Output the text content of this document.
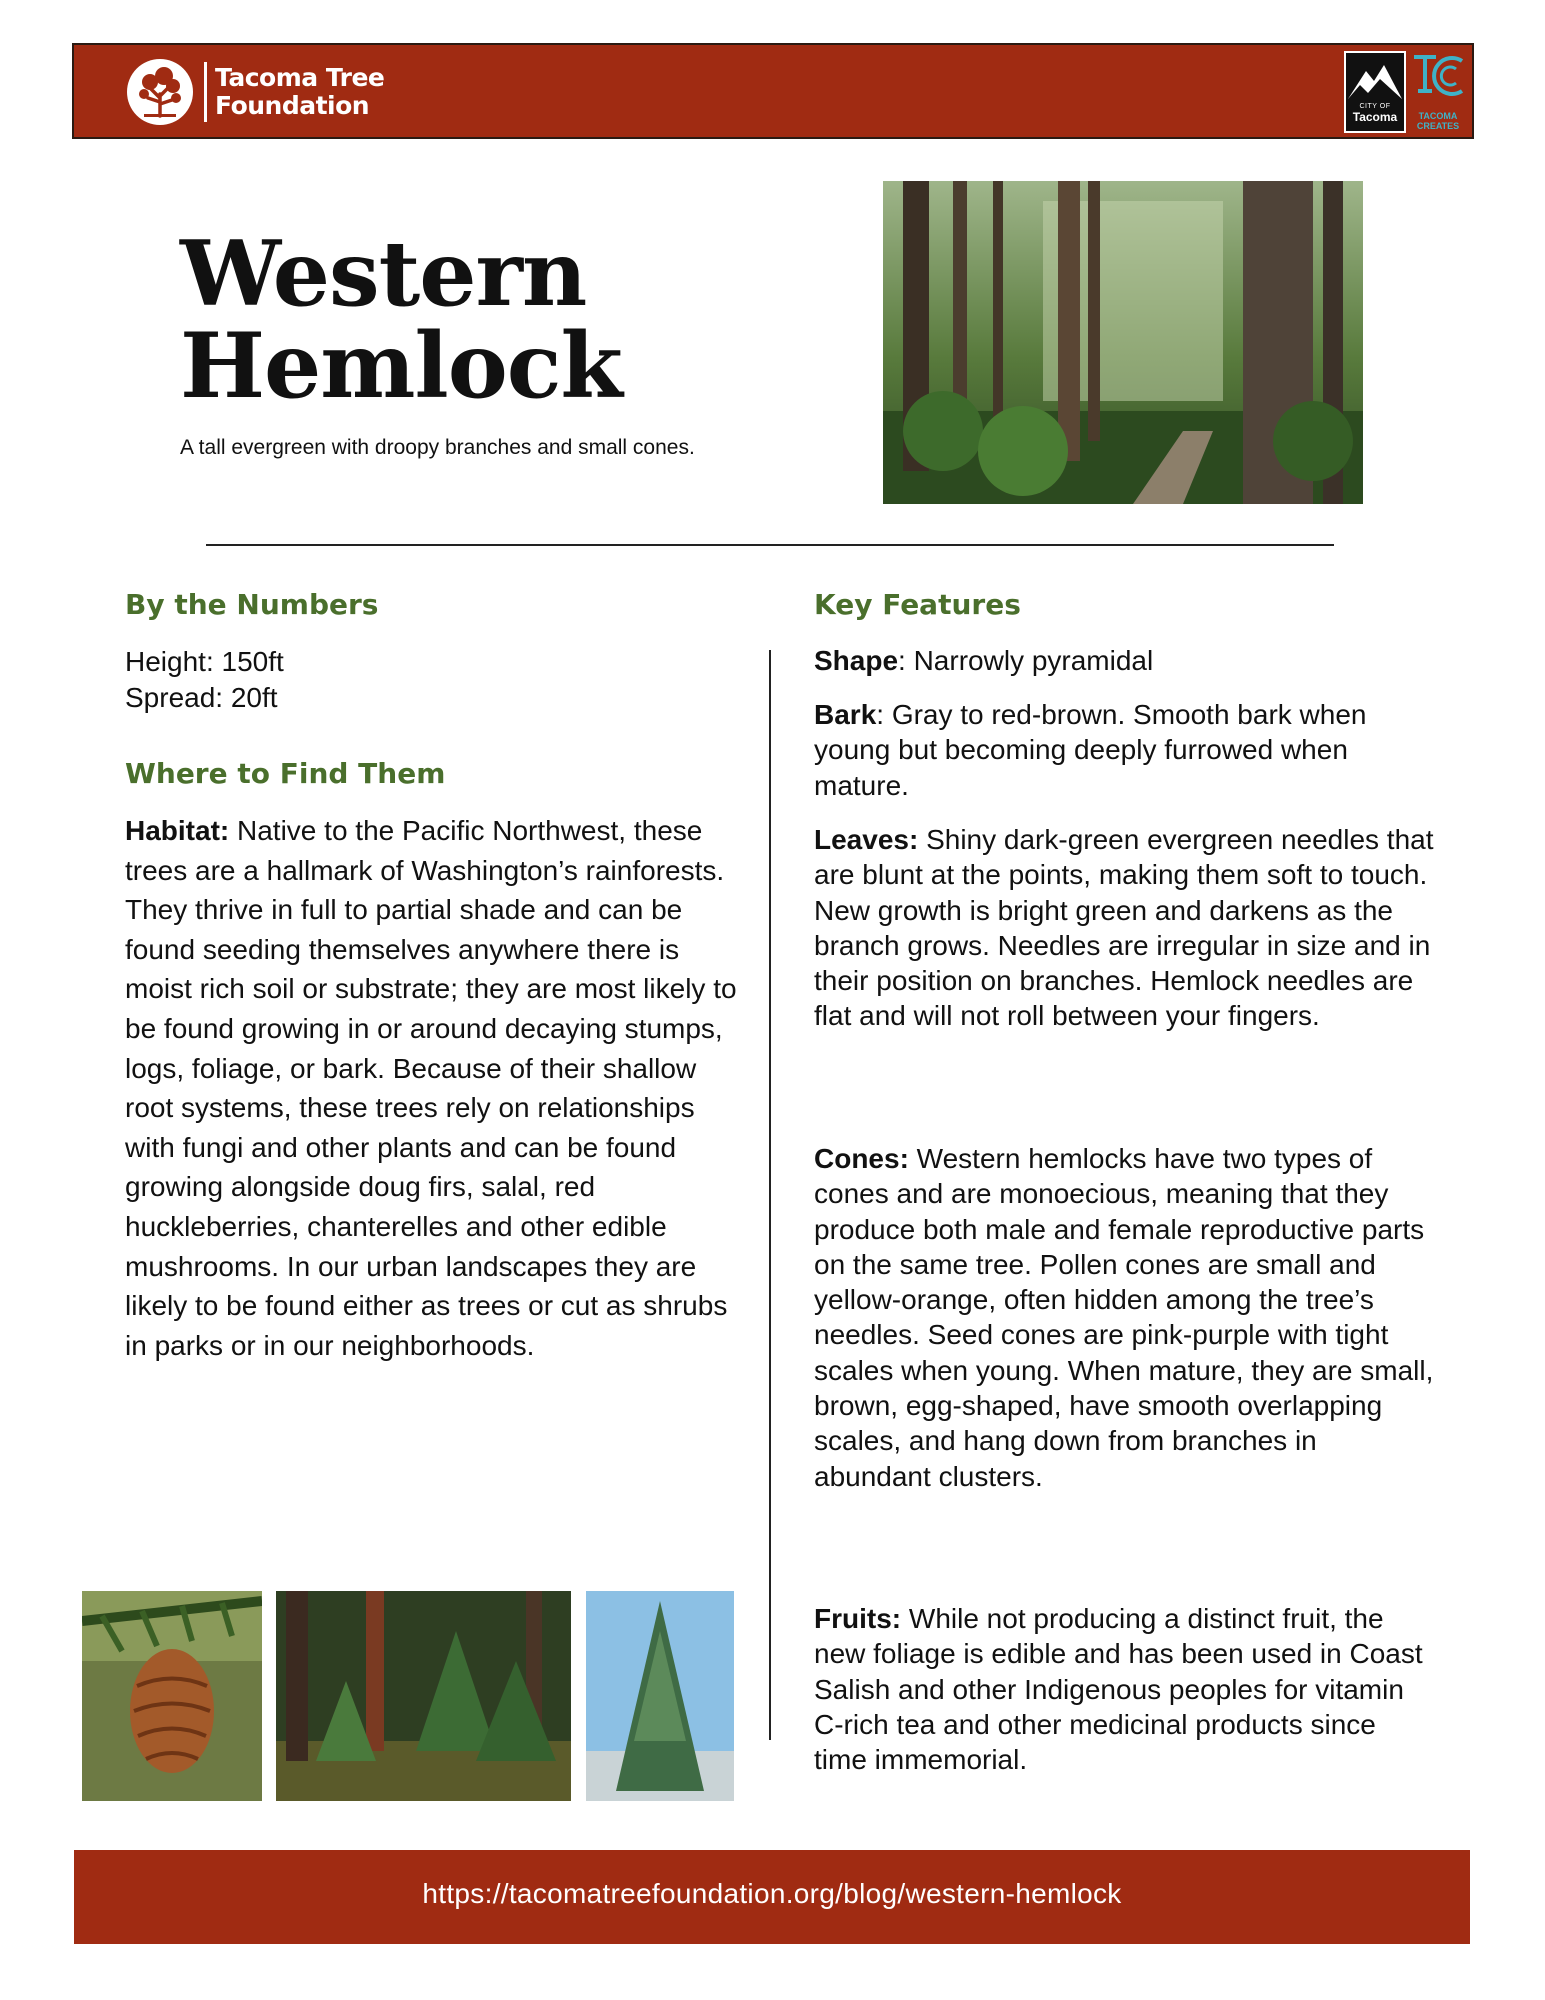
Tacoma Tree
Foundation	CITY OF
Tacoma	TACOMA
CREATES
Western
Hemlock
A tall evergreen with droopy branches and small cones.
By the Numbers
Height: 150ft
Spread: 20ft
Where to Find Them
Habitat: Native to the Pacific Northwest, these trees are a hallmark of Washington’s rainforests. They thrive in full to partial shade and can be found seeding themselves anywhere there is moist rich soil or substrate; they are most likely to be found growing in or around decaying stumps, logs, foliage, or bark. Because of their shallow root systems, these trees rely on relationships with fungi and other plants and can be found growing alongside doug firs, salal, red huckleberries, chanterelles and other edible mushrooms. In our urban landscapes they are likely to be found either as trees or cut as shrubs in parks or in our neighborhoods.
Key Features
Shape: Narrowly pyramidal
Bark: Gray to red-brown. Smooth bark when young but becoming deeply furrowed when mature.
Leaves: Shiny dark-green evergreen needles that are blunt at the points, making them soft to touch. New growth is bright green and darkens as the branch grows. Needles are irregular in size and in their position on branches. Hemlock needles are flat and will not roll between your fingers.
Cones: Western hemlocks have two types of cones and are monoecious, meaning that they produce both male and female reproductive parts on the same tree. Pollen cones are small and yellow-orange, often hidden among the tree’s needles. Seed cones are pink-purple with tight scales when young. When mature, they are small, brown, egg-shaped, have smooth overlapping scales, and hang down from branches in abundant clusters.
Fruits: While not producing a distinct fruit, the new foliage is edible and has been used in Coast Salish and other Indigenous peoples for vitamin C-rich tea and other medicinal products since time immemorial.
https://tacomatreefoundation.org/blog/western-hemlock
